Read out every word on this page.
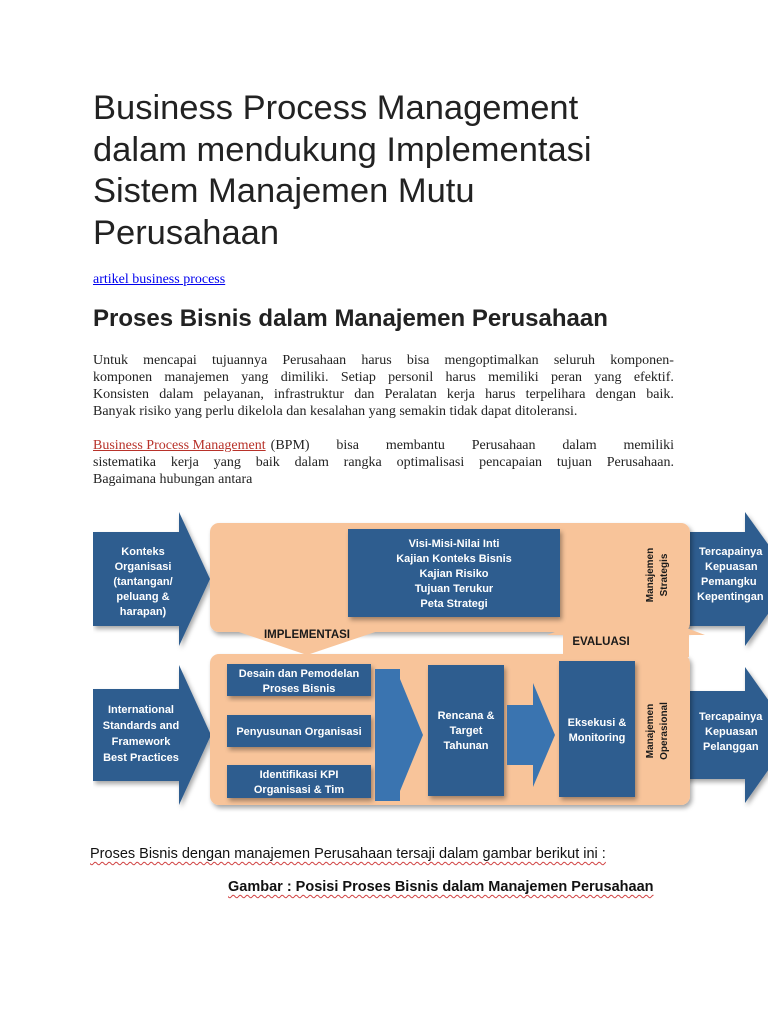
Business Process Management
dalam mendukung Implementasi
Sistem Manajemen Mutu
Perusahaan
artikel business process
Proses Bisnis dalam Manajemen Perusahaan
Untuk mencapai tujuannya Perusahaan harus bisa mengoptimalkan seluruh komponen-
komponen manajemen yang dimiliki. Setiap personil harus memiliki peran yang efektif.
Konsisten dalam pelayanan, infrastruktur dan Peralatan kerja harus terpelihara dengan baik.
Banyak risiko yang perlu dikelola dan kesalahan yang semakin tidak dapat ditoleransi.
Business Process Management (BPM) bisa membantu Perusahaan dalam memiliki
sistematika kerja yang baik dalam rangka optimalisasi pencapaian tujuan Perusahaan.
Bagaimana hubungan antara
Konteks
Organisasi
(tantangan/
peluang &
harapan)
International
Standards and
Framework
Best Practices
Visi-Misi-Nilai Inti
Kajian Konteks Bisnis
Kajian Risiko
Tujuan Terukur
Peta Strategi
Manajemen Strategis
Manajemen Operasional
IMPLEMENTASI
EVALUASI
Desain dan Pemodelan
Proses Bisnis
Penyusunan Organisasi
Identifikasi KPI
Organisasi & Tim
Rencana &
Target
Tahunan
Eksekusi &
Monitoring
Tercapainya
Kepuasan
Pemangku
Kepentingan
Tercapainya
Kepuasan
Pelanggan
Proses Bisnis dengan manajemen Perusahaan tersaji dalam gambar berikut ini :
Gambar : Posisi Proses Bisnis dalam Manajemen Perusahaan
